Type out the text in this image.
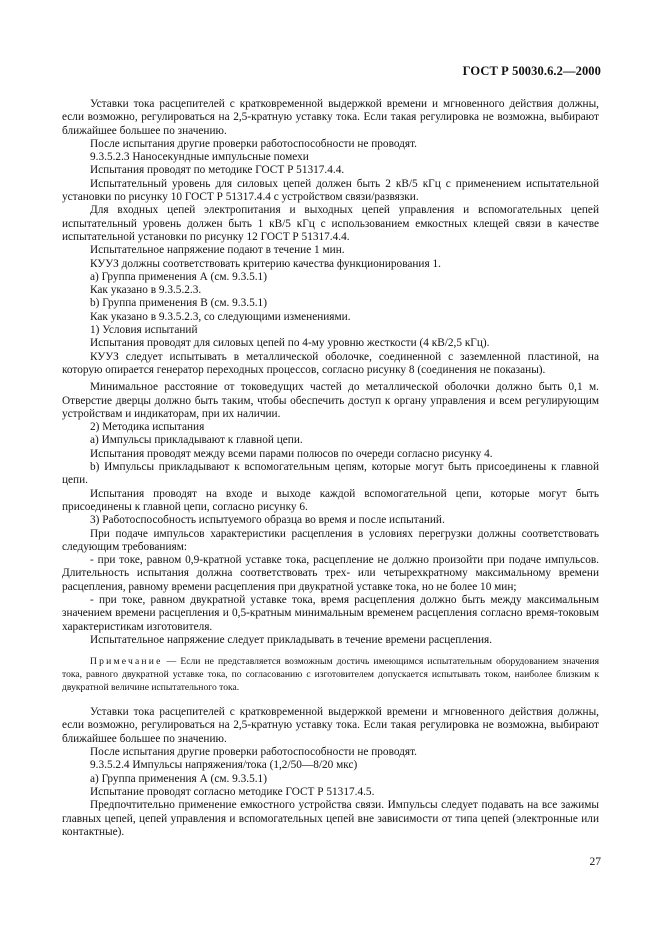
ГОСТ Р 50030.6.2—2000

Уставки тока расцепителей с кратковременной выдержкой времени и мгновенного действия должны, если возможно, регулироваться на 2,5-кратную уставку тока. Если такая регулировка не возможна, выбирают ближайшее большее по значению.

После испытания другие проверки работоспособности не проводят.

9.3.5.2.3 Наносекундные импульсные помехи

Испытания проводят по методике ГОСТ Р 51317.4.4.

Испытательный уровень для силовых цепей должен быть 2 кВ/5 кГц с применением испытательной установки по рисунку 10 ГОСТ Р 51317.4.4 с устройством связи/развязки.

Для входных цепей электропитания и выходных цепей управления и вспомогательных цепей испытательный уровень должен быть 1 кВ/5 кГц с использованием емкостных клещей связи в качестве испытательной установки по рисунку 12 ГОСТ Р 51317.4.4.

Испытательное напряжение подают в течение 1 мин.

КУУЗ должны соответствовать критерию качества функционирования 1.

а) Группа применения А (см. 9.3.5.1)

Как указано в 9.3.5.2.3.

b) Группа применения В (см. 9.3.5.1)

Как указано в 9.3.5.2.3, со следующими изменениями.

1) Условия испытаний

Испытания проводят для силовых цепей по 4-му уровню жесткости (4 кВ/2,5 кГц).

КУУЗ следует испытывать в металлической оболочке, соединенной с заземленной пластиной, на которую опирается генератор переходных процессов, согласно рисунку 8 (соединения не показаны).

Минимальное расстояние от токоведущих частей до металлической оболочки должно быть 0,1 м. Отверстие дверцы должно быть таким, чтобы обеспечить доступ к органу управления и всем регулирующим устройствам и индикаторам, при их наличии.

2) Методика испытания

а) Импульсы прикладывают к главной цепи.

Испытания проводят между всеми парами полюсов по очереди согласно рисунку 4.

b) Импульсы прикладывают к вспомогательным цепям, которые могут быть присоединены к главной цепи.

Испытания проводят на входе и выходе каждой вспомогательной цепи, которые могут быть присоединены к главной цепи, согласно рисунку 6.

3) Работоспособность испытуемого образца во время и после испытаний.

При подаче импульсов характеристики расцепления в условиях перегрузки должны соответствовать следующим требованиям:

- при токе, равном 0,9-кратной уставке тока, расцепление не должно произойти при подаче импульсов. Длительность испытания должна соответствовать трех- или четырехкратному максимальному времени расцепления, равному времени расцепления при двукратной уставке тока, но не более 10 мин;

- при токе, равном двукратной уставке тока, время расцепления должно быть между максимальным значением времени расцепления и 0,5-кратным минимальным временем расцепления согласно время-токовым характеристикам изготовителя.

Испытательное напряжение следует прикладывать в течение времени расцепления.

Примечание — Если не представляется возможным достичь имеющимся испытательным оборудованием значения тока, равного двукратной уставке тока, по согласованию с изготовителем допускается испытывать током, наиболее близким к двукратной величине испытательного тока.

Уставки тока расцепителей с кратковременной выдержкой времени и мгновенного действия должны, если возможно, регулироваться на 2,5-кратную уставку тока. Если такая регулировка не возможна, выбирают ближайшее большее по значению.

После испытания другие проверки работоспособности не проводят.

9.3.5.2.4 Импульсы напряжения/тока (1,2/50—8/20 мкс)

а) Группа применения А (см. 9.3.5.1)

Испытание проводят согласно методике ГОСТ Р 51317.4.5.

Предпочтительно применение емкостного устройства связи. Импульсы следует подавать на все зажимы главных цепей, цепей управления и вспомогательных цепей вне зависимости от типа цепей (электронные или контактные).

27
